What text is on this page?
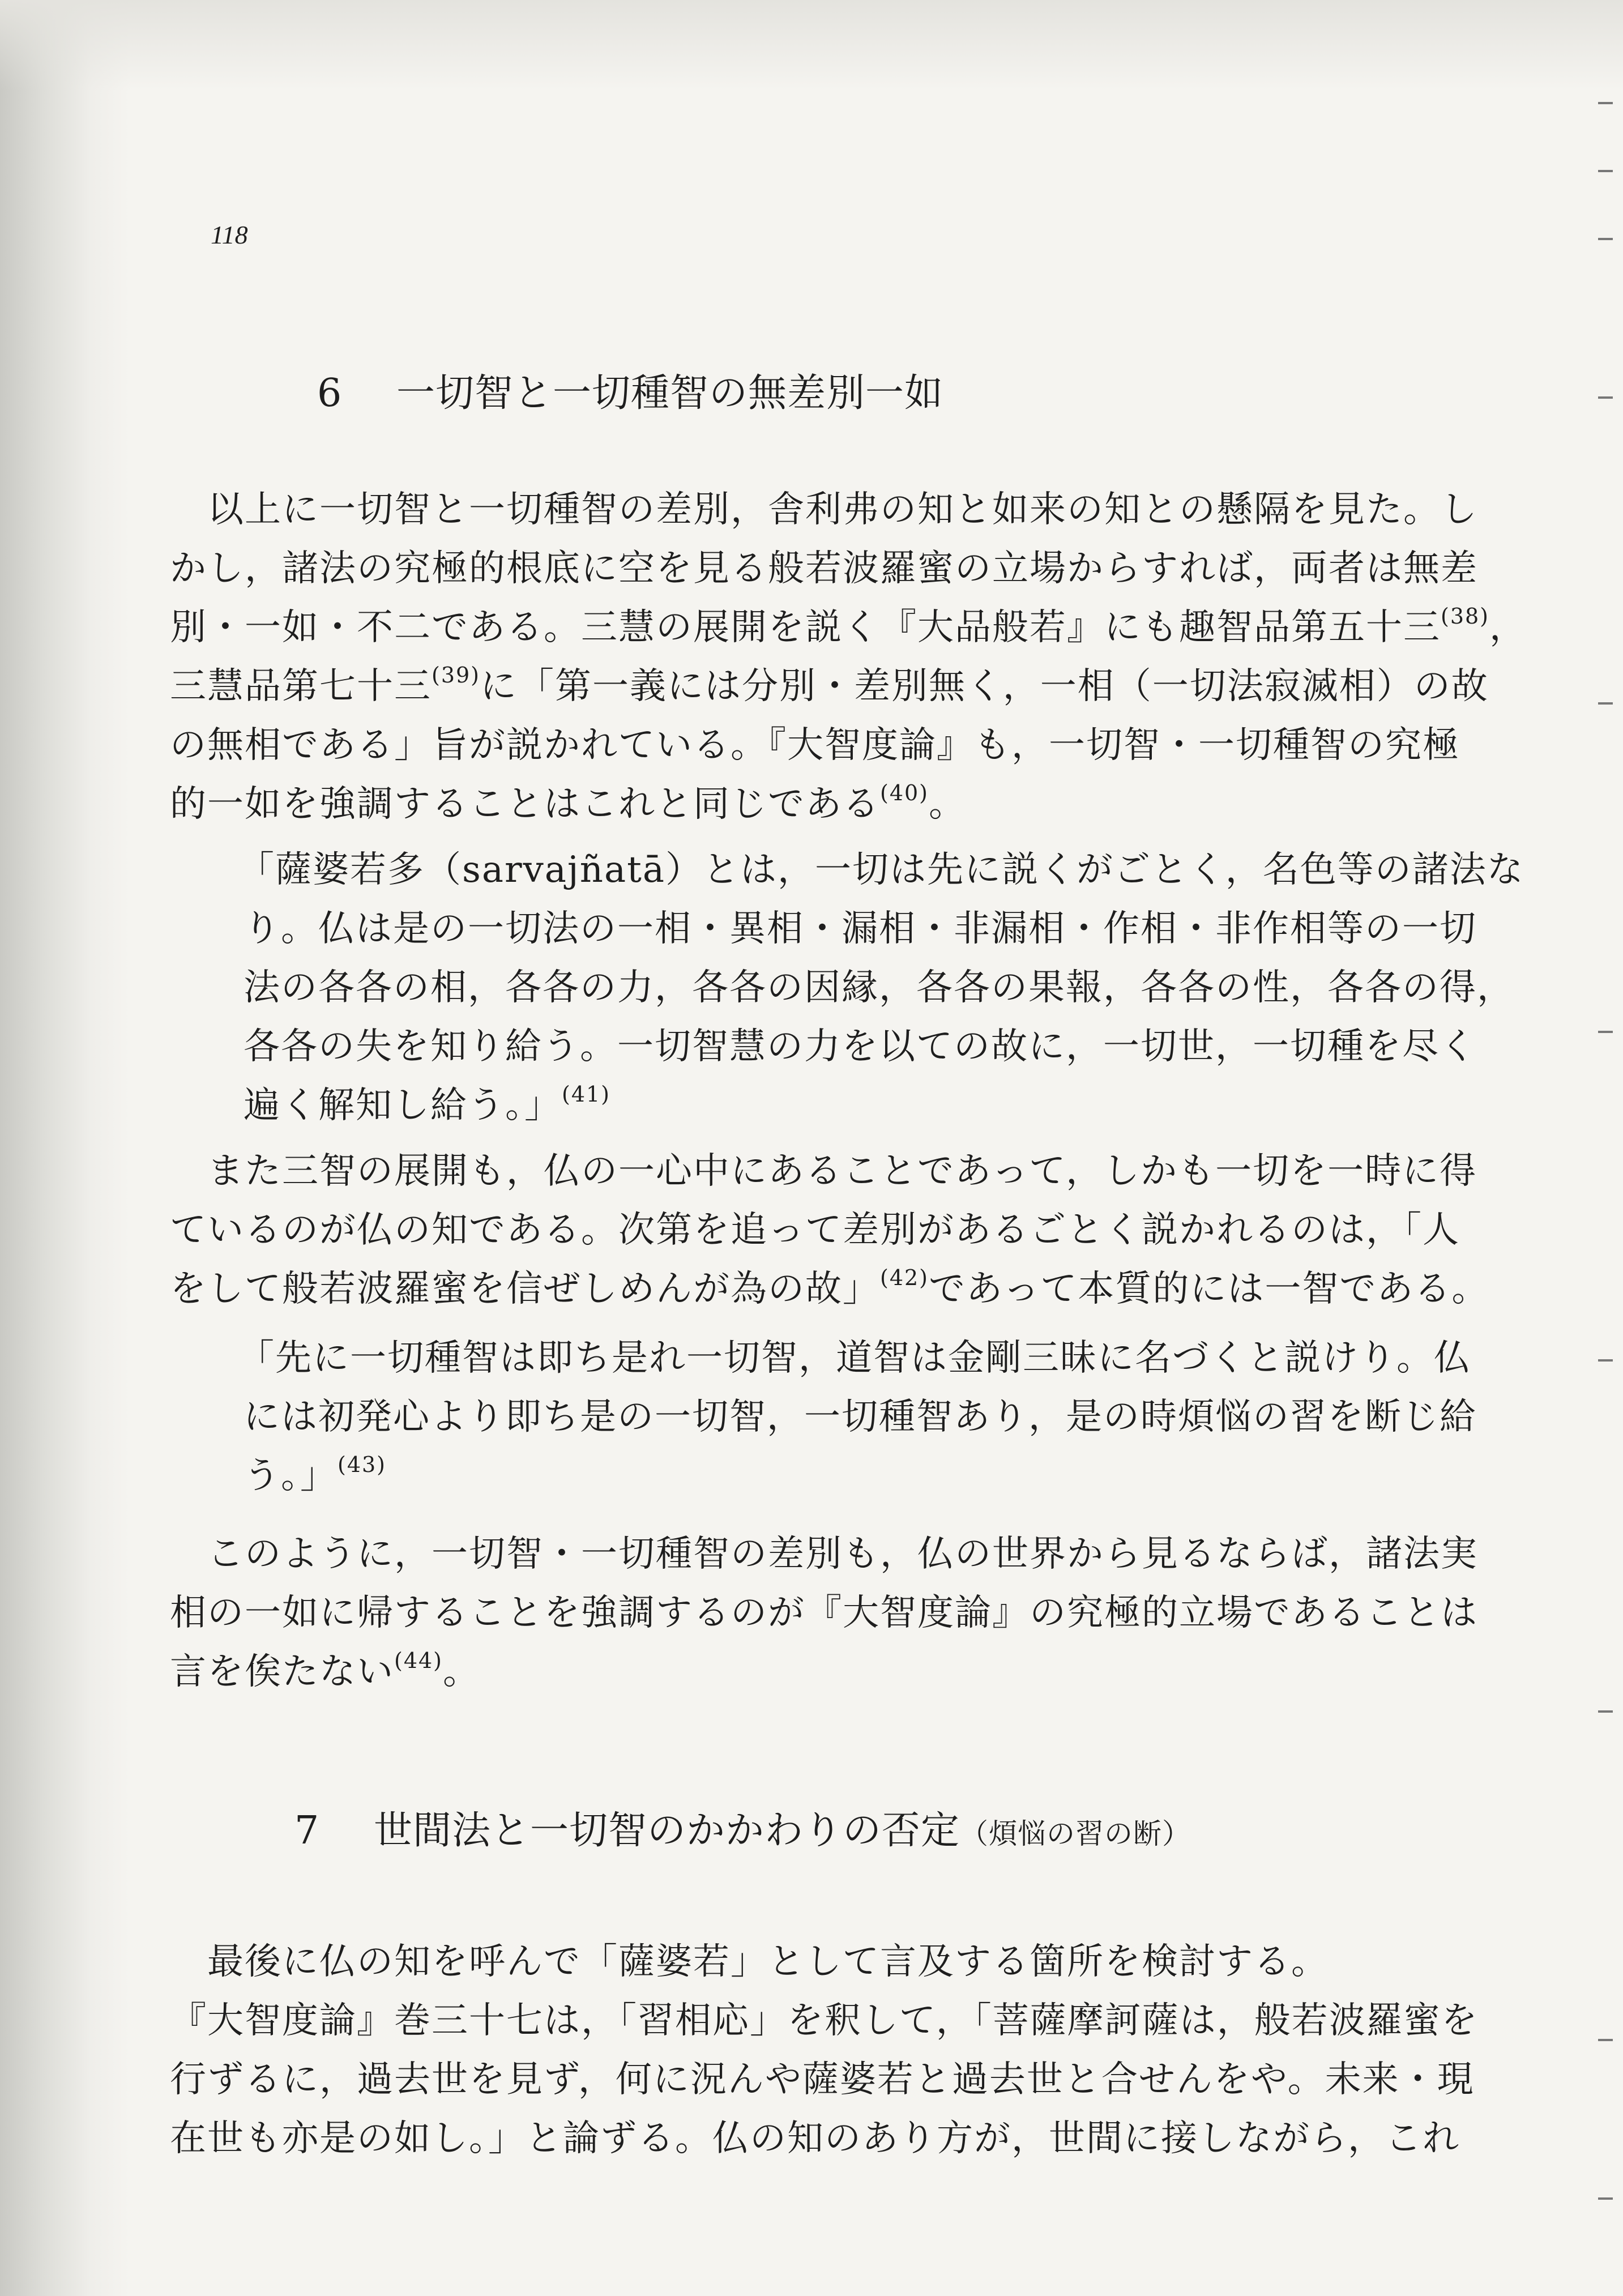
118
6 一切智と一切種智の無差別一如
　以上に一切智と一切種智の差別，舎利弗の知と如来の知との懸隔を見た。し
かし，諸法の究極的根底に空を見る般若波羅蜜の立場からすれば，両者は無差
別・一如・不二である。三慧の展開を説く『大品般若』にも趣智品第五十三$^{(38)}$，
三慧品第七十三$^{(39)}$に「第一義には分別・差別無く，一相（一切法寂滅相）の故
の無相である」旨が説かれている。『大智度論』も，一切智・一切種智の究極
的一如を強調することはこれと同じである$^{(40)}$。
「薩婆若多（sarvajñatā）とは，一切は先に説くがごとく，名色等の諸法な
り。仏は是の一切法の一相・異相・漏相・非漏相・作相・非作相等の一切
法の各各の相，各各の力，各各の因縁，各各の果報，各各の性，各各の得，
各各の失を知り給う。一切智慧の力を以ての故に，一切世，一切種を尽く
遍く解知し給う。」$^{(41)}$
　また三智の展開も，仏の一心中にあることであって，しかも一切を一時に得
ているのが仏の知である。次第を追って差別があるごとく説かれるのは，「人
をして般若波羅蜜を信ぜしめんが為の故」$^{(42)}$であって本質的には一智である。
「先に一切種智は即ち是れ一切智，道智は金剛三昧に名づくと説けり。仏
には初発心より即ち是の一切智，一切種智あり，是の時煩悩の習を断じ給
う。」$^{(43)}$
　このように，一切智・一切種智の差別も，仏の世界から見るならば，諸法実
相の一如に帰することを強調するのが『大智度論』の究極的立場であることは
言を俟たない$^{(44)}$。
7 世間法と一切智のかかわりの否定（煩悩の習の断）
　最後に仏の知を呼んで「薩婆若」として言及する箇所を検討する。
『大智度論』巻三十七は，「習相応」を釈して，「菩薩摩訶薩は，般若波羅蜜を
行ずるに，過去世を見ず，何に況んや薩婆若と過去世と合せんをや。未来・現
在世も亦是の如し。」と論ずる。仏の知のあり方が，世間に接しながら，これ
